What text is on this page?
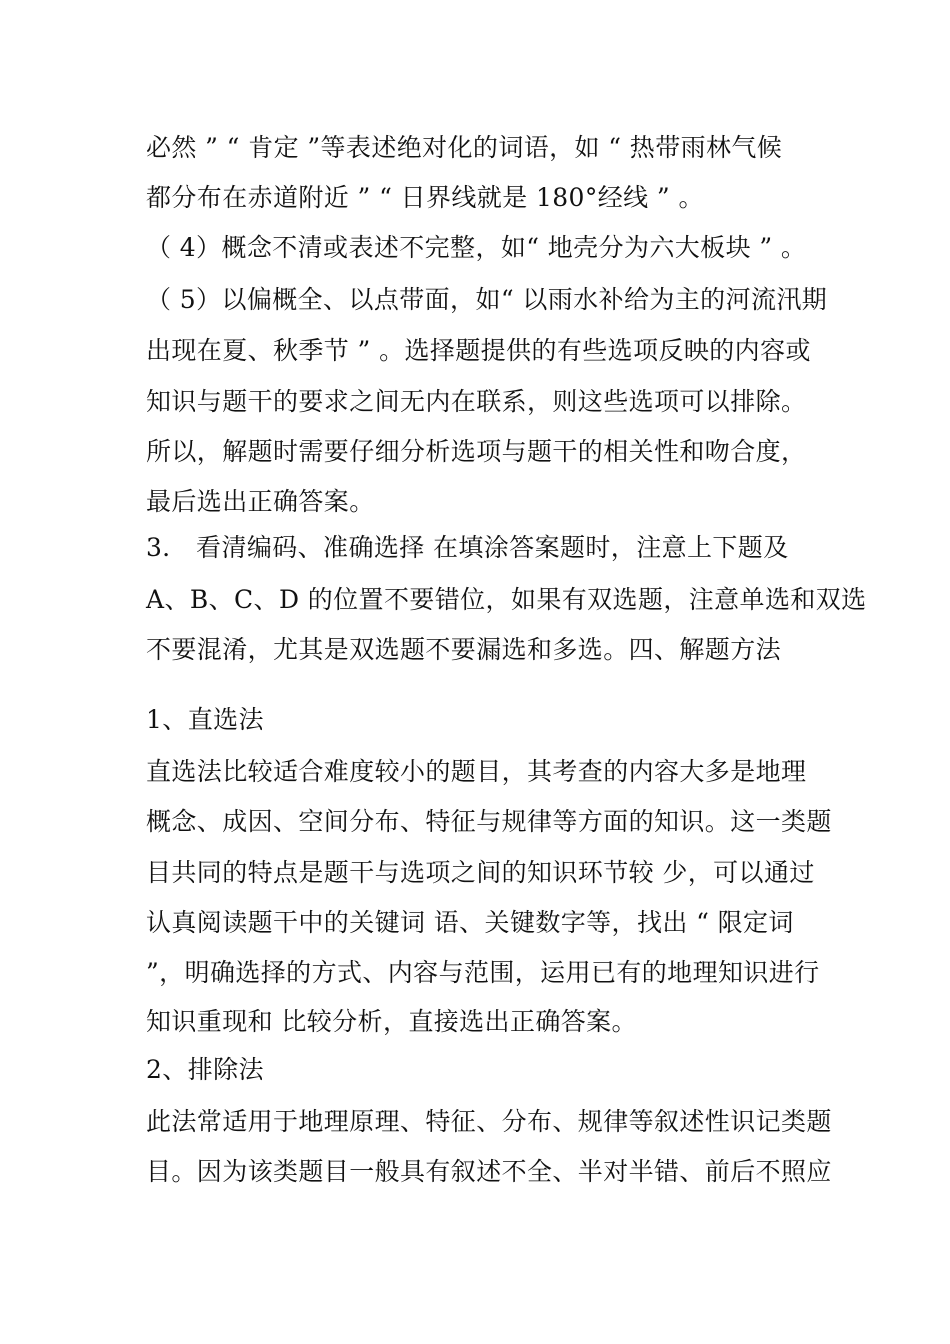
必然 ” “ 肯定 ”等表述绝对化的词语，如 “ 热带雨林气候
都分布在赤道附近 ” “ 日界线就是 180°经线 ” 。
（ 4）概念不清或表述不完整，如“ 地壳分为六大板块 ” 。
（ 5）以偏概全、以点带面，如“ 以雨水补给为主的河流汛期
出现在夏、秋季节 ” 。选择题提供的有些选项反映的内容或
知识与题干的要求之间无内在联系，则这些选项可以排除。
所以，解题时需要仔细分析选项与题干的相关性和吻合度，
最后选出正确答案。
3． 看清编码、准确选择 在填涂答案题时，注意上下题及
A、B、C、D 的位置不要错位，如果有双选题，注意单选和双选
不要混淆，尤其是双选题不要漏选和多选。四、解题方法
1、直选法
直选法比较适合难度较小的题目，其考查的内容大多是地理
概念、成因、空间分布、特征与规律等方面的知识。这一类题
目共同的特点是题干与选项之间的知识环节较 少，可以通过
认真阅读题干中的关键词 语、关键数字等，找出 “ 限定词
”，明确选择的方式、内容与范围，运用已有的地理知识进行
知识重现和 比较分析，直接选出正确答案。
2、排除法
此法常适用于地理原理、特征、分布、规律等叙述性识记类题
目。因为该类题目一般具有叙述不全、半对半错、前后不照应
